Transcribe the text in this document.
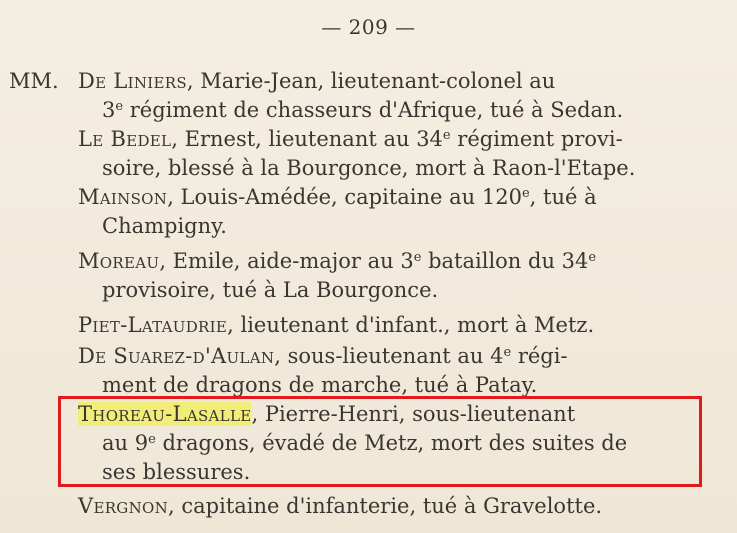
— 209 —
MM. De Liniers, Marie-Jean, lieutenant-colonel au
3e régiment de chasseurs d'Afrique, tué à Sedan.
Le Bedel, Ernest, lieutenant au 34e régiment provi-
soire, blessé à la Bourgonce, mort à Raon-l'Etape.
Mainson, Louis-Amédée, capitaine au 120e, tué à
Champigny.
Moreau, Emile, aide-major au 3e bataillon du 34e
provisoire, tué à La Bourgonce.
Piet-Lataudrie, lieutenant d'infant., mort à Metz.
De Suarez-d'Aulan, sous-lieutenant au 4e régi-
ment de dragons de marche, tué à Patay.
Thoreau-Lasalle, Pierre-Henri, sous-lieutenant
au 9e dragons, évadé de Metz, mort des suites de
ses blessures.
Vergnon, capitaine d'infanterie, tué à Gravelotte.
